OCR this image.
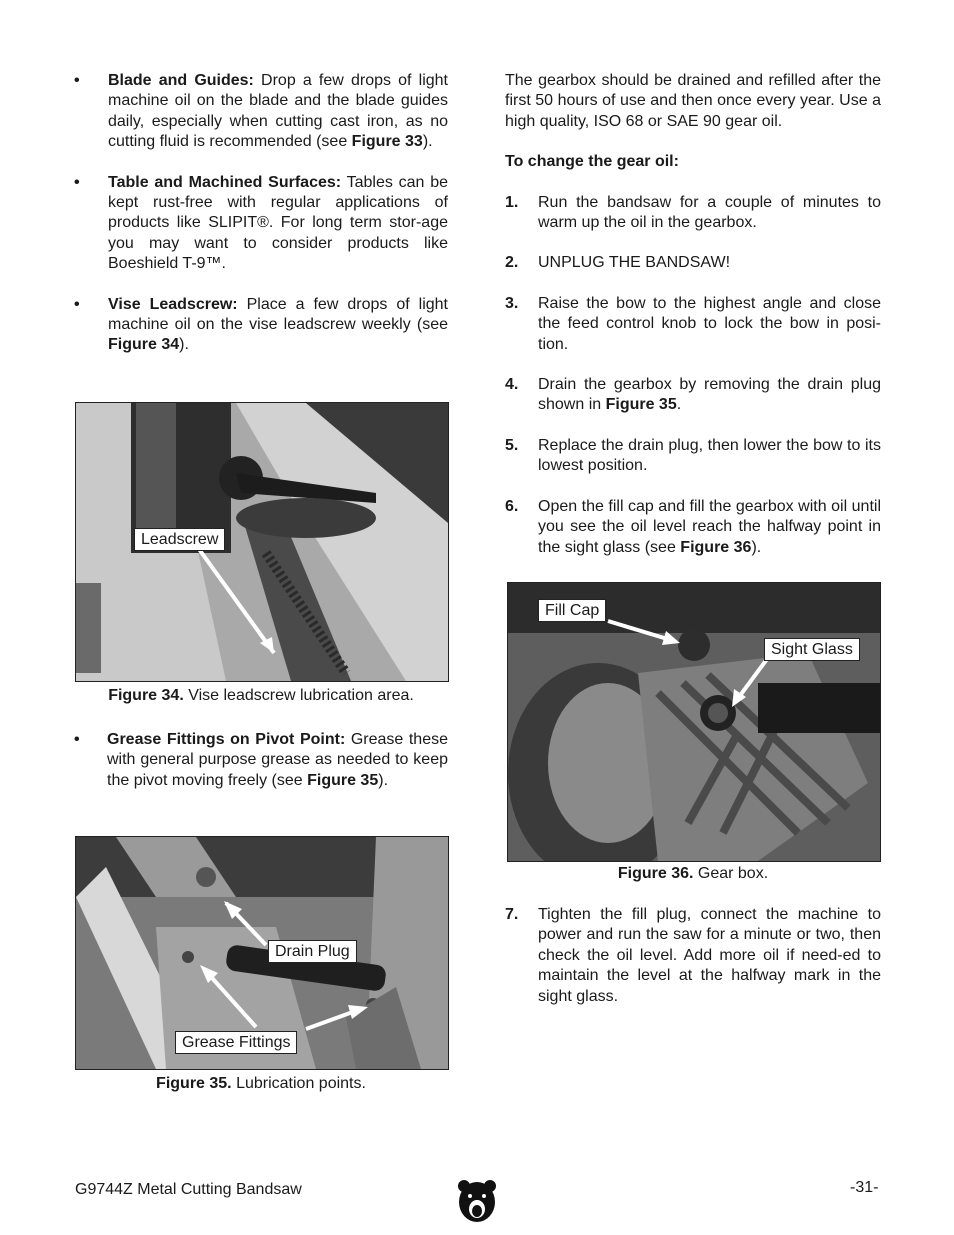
• Blade and Guides: Drop a few drops of light machine oil on the blade and the blade guides daily, especially when cutting cast iron, as no cutting fluid is recommended (see Figure 33).
• Table and Machined Surfaces: Tables can be kept rust-free with regular applications of products like SLIPIT®. For long term stor-age you may want to consider products like Boeshield T-9™.
• Vise Leadscrew: Place a few drops of light machine oil on the vise leadscrew weekly (see Figure 34).
Leadscrew
Figure 34. Vise leadscrew lubrication area.
• Grease Fittings on Pivot Point: Grease these with general purpose grease as needed to keep the pivot moving freely (see Figure 35).
Drain Plug
Grease Fittings
Figure 35. Lubrication points.

The gearbox should be drained and refilled after the first 50 hours of use and then once every year. Use a high quality, ISO 68 or SAE 90 gear oil.

To change the gear oil:

1. Run the bandsaw for a couple of minutes to warm up the oil in the gearbox.
2. UNPLUG THE BANDSAW!
3. Raise the bow to the highest angle and close the feed control knob to lock the bow in posi-tion.
4. Drain the gearbox by removing the drain plug shown in Figure 35.
5. Replace the drain plug, then lower the bow to its lowest position.
6. Open the fill cap and fill the gearbox with oil until you see the oil level reach the halfway point in the sight glass (see Figure 36).
Fill Cap
Sight Glass
Figure 36. Gear box.
7. Tighten the fill plug, connect the machine to power and run the saw for a minute or two, then check the oil level. Add more oil if need-ed to maintain the level at the halfway mark in the sight glass.
G9744Z Metal Cutting Bandsaw	-31-
